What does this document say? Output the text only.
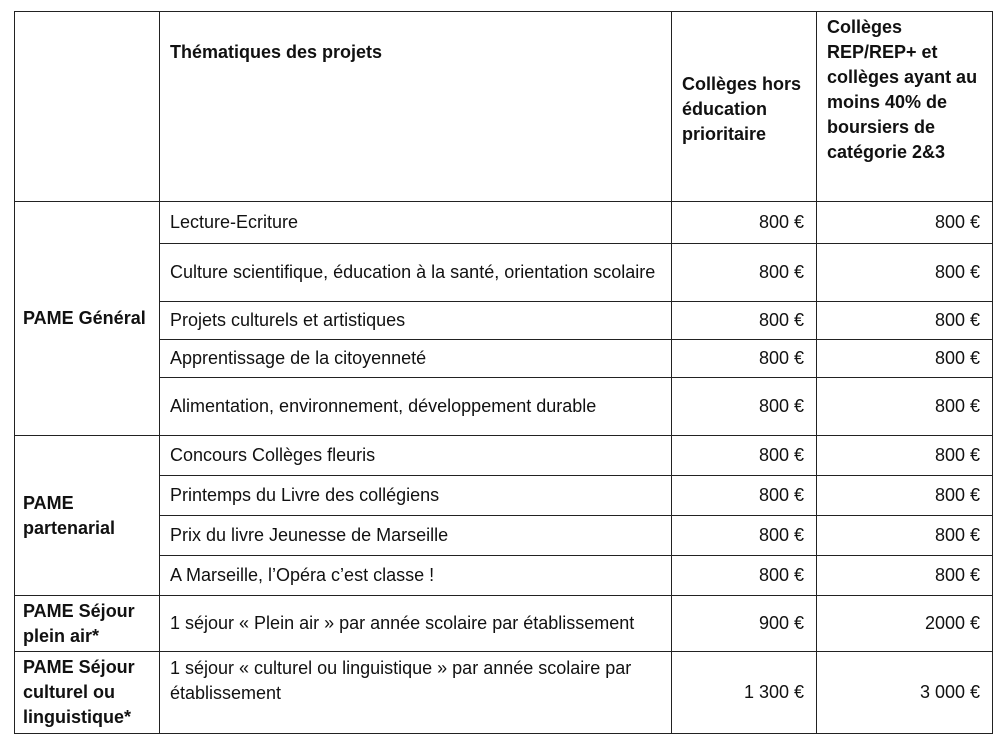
	Thématiques des projets	Collèges hors éducation prioritaire	Collèges REP/REP+ et collèges ayant au moins 40% de boursiers de catégorie 2&3
PAME Général	Lecture-Ecriture	800 €	800 €
	Culture scientifique, éducation à la santé, orientation scolaire	800 €	800 €
	Projets culturels et artistiques	800 €	800 €
	Apprentissage de la citoyenneté	800 €	800 €
	Alimentation, environnement, développement durable	800 €	800 €
PAME partenarial	Concours Collèges fleuris	800 €	800 €
	Printemps du Livre des collégiens	800 €	800 €
	Prix du livre Jeunesse de Marseille	800 €	800 €
	A Marseille, l’Opéra c’est classe !	800 €	800 €
PAME Séjour plein air*	1 séjour « Plein air » par année scolaire par établissement	900 €	2000 €
PAME Séjour culturel ou linguistique*	1 séjour « culturel ou linguistique » par année scolaire par établissement	1 300 €	3 000 €
